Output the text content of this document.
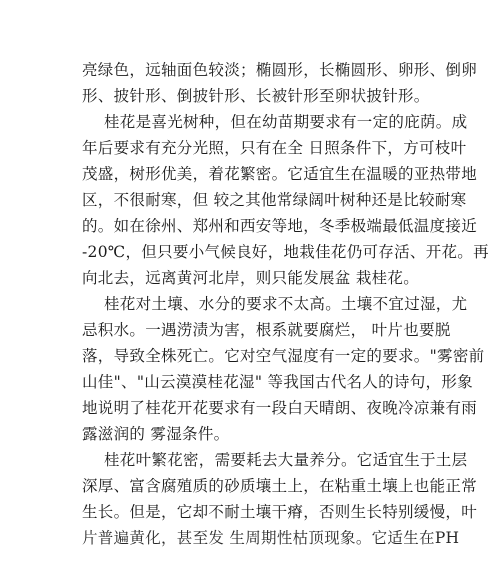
亮绿色，远轴面色较淡；椭圆形，长椭圆形、卵形、倒卵
形、披针形、倒披针形、长被针形至卵状披针形。
桂花是喜光树种，但在幼苗期要求有一定的庇荫。成
年后要求有充分光照，只有在全 日照条件下，方可枝叶
茂盛，树形优美，着花繁密。它适宜生在温暖的亚热带地
区，不很耐寒，但 较之其他常绿阔叶树种还是比较耐寒
的。如在徐州、郑州和西安等地，冬季极端最低温度接近
-20℃，但只要小气候良好，地栽佳花仍可存活、开花。再
向北去，远离黄河北岸，则只能发展盆 栽桂花。
桂花对土壤、水分的要求不太高。土壤不宜过湿，尤
忌积水。一遇涝渍为害，根系就要腐烂， 叶片也要脱
落，导致全株死亡。它对空气湿度有一定的要求。"雾密前
山佳"、"山云漠漠桂花湿" 等我国古代名人的诗句，形象
地说明了桂花开花要求有一段白天晴朗、夜晚冷凉兼有雨
露滋润的 雾湿条件。
桂花叶繁花密，需要耗去大量养分。它适宜生于土层
深厚、富含腐殖质的砂质壤土上，在粘重土壤上也能正常
生长。但是，它却不耐土壤干瘠，否则生长特别缓慢，叶
片普遍黄化，甚至发 生周期性枯顶现象。它适生在PH
